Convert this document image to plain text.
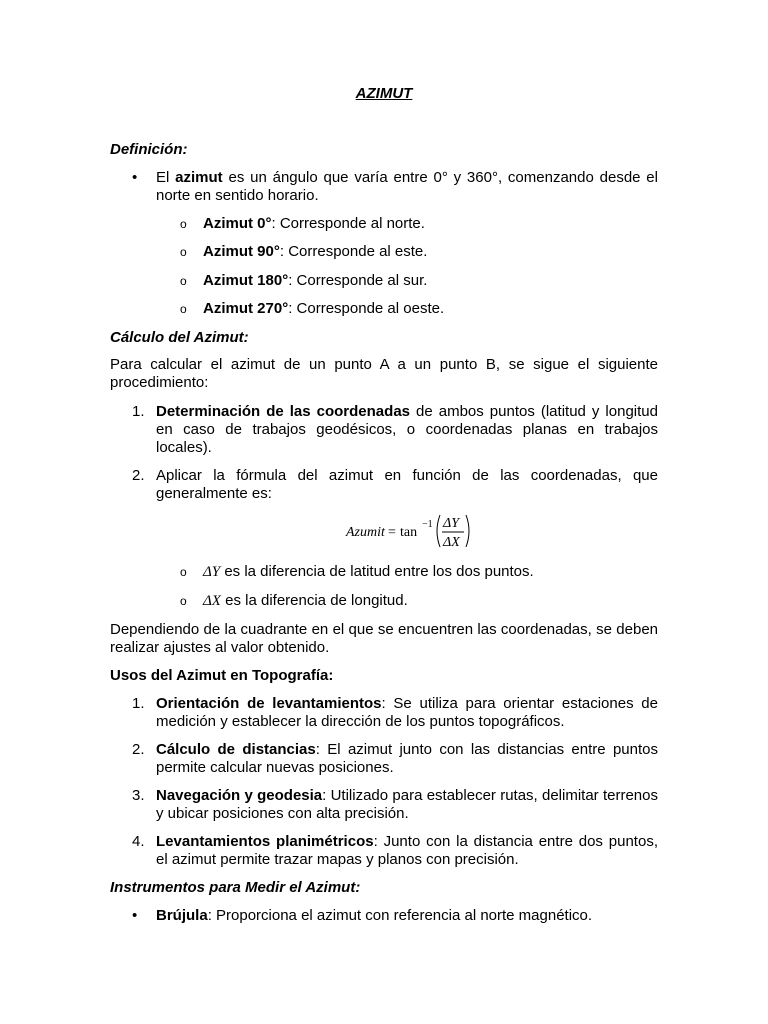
AZIMUT
Definición:
•	El azimut es un ángulo que varía entre 0° y 360°, comenzando desde el norte en sentido horario.
o Azimut 0°: Corresponde al norte.
o Azimut 90°: Corresponde al este.
o Azimut 180°: Corresponde al sur.
o Azimut 270°: Corresponde al oeste.
Cálculo del Azimut:
Para calcular el azimut de un punto A a un punto B, se sigue el siguiente procedimiento:
1. Determinación de las coordenadas de ambos puntos (latitud y longitud en caso de trabajos geodésicos, o coordenadas planas en trabajos locales).
2. Aplicar la fórmula del azimut en función de las coordenadas, que generalmente es:
Azumit = tan
−1 ΔY
ΔX
o ΔY es la diferencia de latitud entre los dos puntos.
o ΔX es la diferencia de longitud.
Dependiendo de la cuadrante en el que se encuentren las coordenadas, se deben realizar ajustes al valor obtenido.
Usos del Azimut en Topografía:
1. Orientación de levantamientos: Se utiliza para orientar estaciones de medición y establecer la dirección de los puntos topográficos.
2. Cálculo de distancias: El azimut junto con las distancias entre puntos permite calcular nuevas posiciones.
3. Navegación y geodesia: Utilizado para establecer rutas, delimitar terrenos y ubicar posiciones con alta precisión.
4. Levantamientos planimétricos: Junto con la distancia entre dos puntos, el azimut permite trazar mapas y planos con precisión.
Instrumentos para Medir el Azimut:
•	Brújula: Proporciona el azimut con referencia al norte magnético.
